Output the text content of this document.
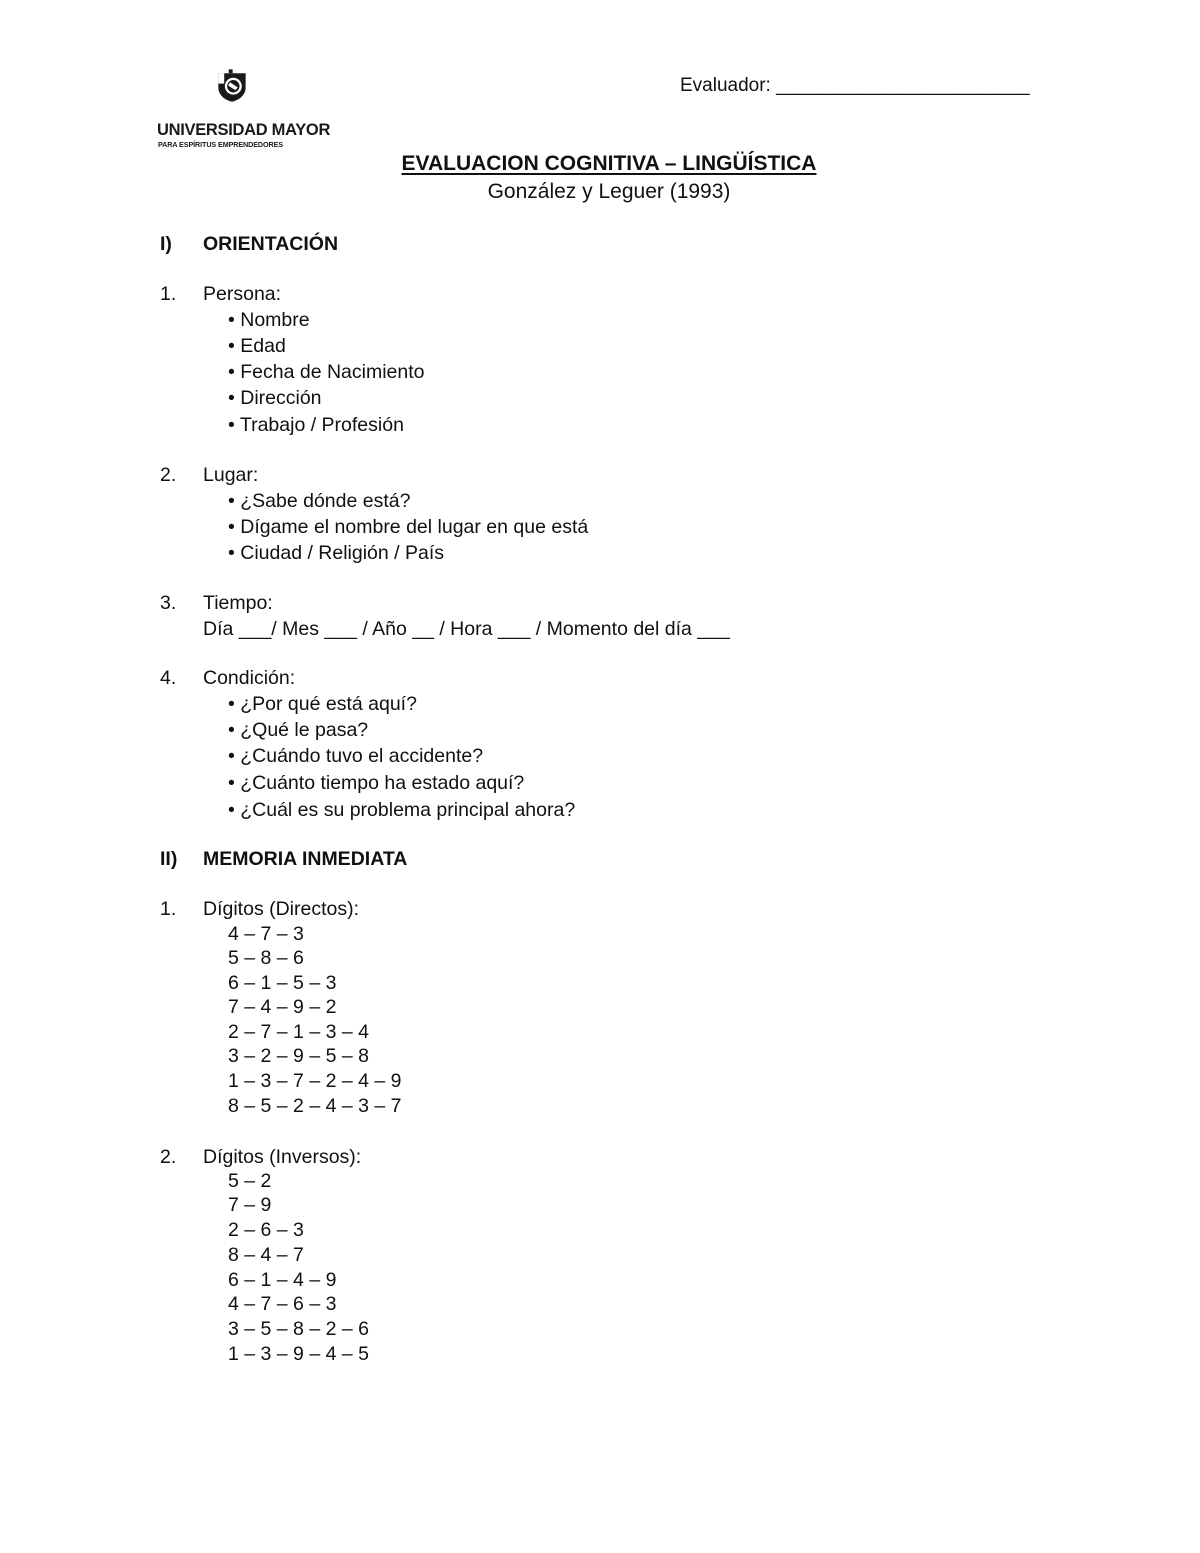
UNIVERSIDAD MAYOR
PARA ESPÍRITUS EMPRENDEDORES
Evaluador: ________________________
EVALUACION COGNITIVA – LINGÜÍSTICA
González y Leguer (1993)
I) ORIENTACIÓN
1. Persona:
• Nombre
• Edad
• Fecha de Nacimiento
• Dirección
• Trabajo / Profesión
2. Lugar:
• ¿Sabe dónde está?
• Dígame el nombre del lugar en que está
• Ciudad / Religión / País
3. Tiempo:
Día ___/ Mes ___ / Año __ / Hora ___ / Momento del día ___
4. Condición:
• ¿Por qué está aquí?
• ¿Qué le pasa?
• ¿Cuándo tuvo el accidente?
• ¿Cuánto tiempo ha estado aquí?
• ¿Cuál es su problema principal ahora?
II) MEMORIA INMEDIATA
1. Dígitos (Directos):
4 – 7 – 3
5 – 8 – 6
6 – 1 – 5 – 3
7 – 4 – 9 – 2
2 – 7 – 1 – 3 – 4
3 – 2 – 9 – 5 – 8
1 – 3 – 7 – 2 – 4 – 9
8 – 5 – 2 – 4 – 3 – 7
2. Dígitos (Inversos):
5 – 2
7 – 9
2 – 6 – 3
8 – 4 – 7
6 – 1 – 4 – 9
4 – 7 – 6 – 3
3 – 5 – 8 – 2 – 6
1 – 3 – 9 – 4 – 5
